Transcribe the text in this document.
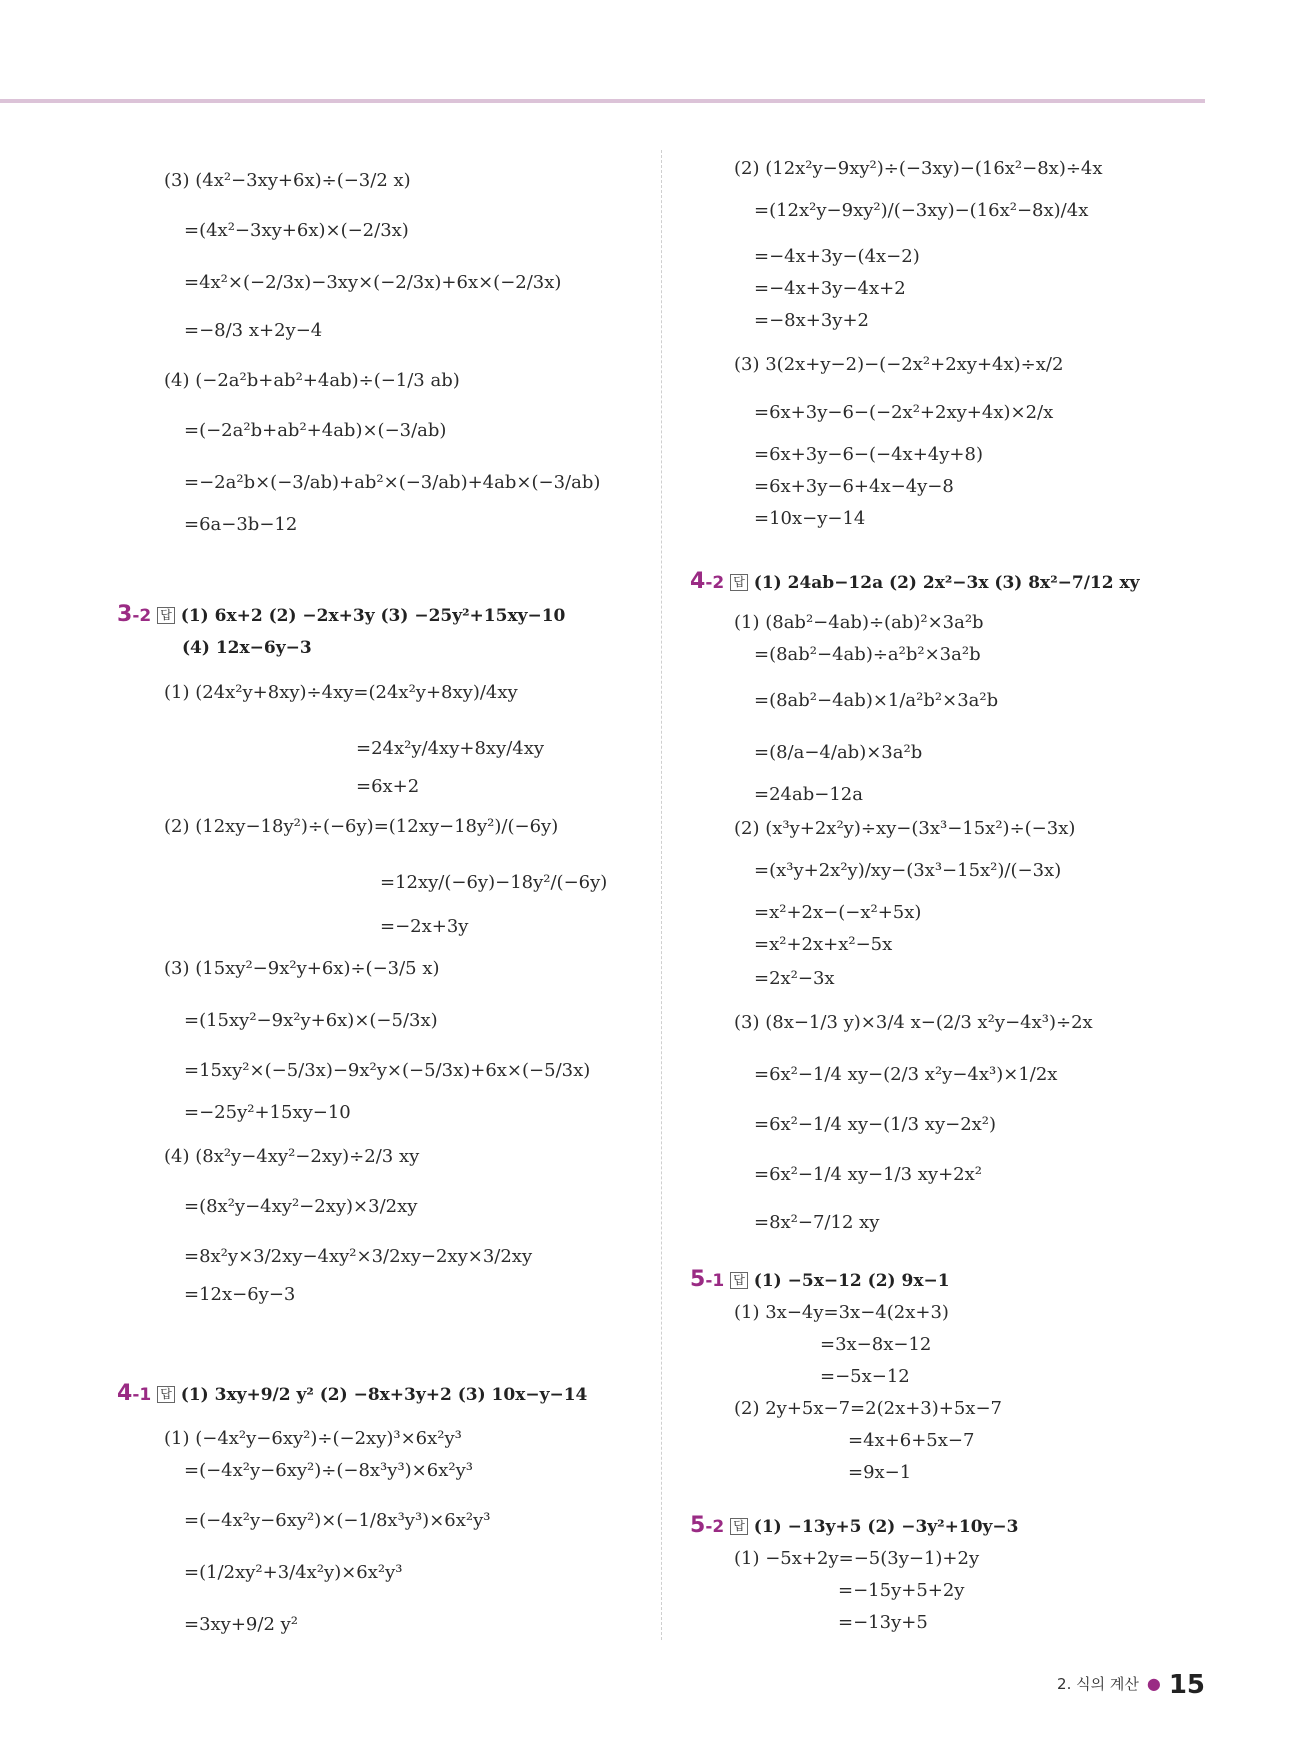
(3) (4x²−3xy+6x)÷(−3/2 x)
=(4x²−3xy+6x)×(−2/3x)
=4x²×(−2/3x)−3xy×(−2/3x)+6x×(−2/3x)
=−8/3 x+2y−4
(4) (−2a²b+ab²+4ab)÷(−1/3 ab)
=(−2a²b+ab²+4ab)×(−3/ab)
=−2a²b×(−3/ab)+ab²×(−3/ab)+4ab×(−3/ab)
=6a−3b−12
3-2 답 (1) 6x+2 (2) −2x+3y (3) −25y²+15xy−10
(4) 12x−6y−3
(1) (24x²y+8xy)÷4xy=(24x²y+8xy)/4xy
=24x²y/4xy+8xy/4xy
=6x+2
(2) (12xy−18y²)÷(−6y)=(12xy−18y²)/(−6y)
=12xy/(−6y)−18y²/(−6y)
=−2x+3y
(3) (15xy²−9x²y+6x)÷(−3/5 x)
=(15xy²−9x²y+6x)×(−5/3x)
=15xy²×(−5/3x)−9x²y×(−5/3x)+6x×(−5/3x)
=−25y²+15xy−10
(4) (8x²y−4xy²−2xy)÷2/3 xy
=(8x²y−4xy²−2xy)×3/2xy
=8x²y×3/2xy−4xy²×3/2xy−2xy×3/2xy
=12x−6y−3
4-1 답 (1) 3xy+9/2 y² (2) −8x+3y+2 (3) 10x−y−14
(1) (−4x²y−6xy²)÷(−2xy)³×6x²y³
=(−4x²y−6xy²)÷(−8x³y³)×6x²y³
=(−4x²y−6xy²)×(−1/8x³y³)×6x²y³
=(1/2xy²+3/4x²y)×6x²y³
=3xy+9/2 y²
(2) (12x²y−9xy²)÷(−3xy)−(16x²−8x)÷4x
=(12x²y−9xy²)/(−3xy)−(16x²−8x)/4x
=−4x+3y−(4x−2)
=−4x+3y−4x+2
=−8x+3y+2
(3) 3(2x+y−2)−(−2x²+2xy+4x)÷x/2
=6x+3y−6−(−2x²+2xy+4x)×2/x
=6x+3y−6−(−4x+4y+8)
=6x+3y−6+4x−4y−8
=10x−y−14
4-2 답 (1) 24ab−12a (2) 2x²−3x (3) 8x²−7/12 xy
(1) (8ab²−4ab)÷(ab)²×3a²b
=(8ab²−4ab)÷a²b²×3a²b
=(8ab²−4ab)×1/a²b²×3a²b
=(8/a−4/ab)×3a²b
=24ab−12a
(2) (x³y+2x²y)÷xy−(3x³−15x²)÷(−3x)
=(x³y+2x²y)/xy−(3x³−15x²)/(−3x)
=x²+2x−(−x²+5x)
=x²+2x+x²−5x
=2x²−3x
(3) (8x−1/3 y)×3/4 x−(2/3 x²y−4x³)÷2x
=6x²−1/4 xy−(2/3 x²y−4x³)×1/2x
=6x²−1/4 xy−(1/3 xy−2x²)
=6x²−1/4 xy−1/3 xy+2x²
=8x²−7/12 xy
5-1 답 (1) −5x−12 (2) 9x−1
(1) 3x−4y=3x−4(2x+3)
=3x−8x−12
=−5x−12
(2) 2y+5x−7=2(2x+3)+5x−7
=4x+6+5x−7
=9x−1
5-2 답 (1) −13y+5 (2) −3y²+10y−3
(1) −5x+2y=−5(3y−1)+2y
=−15y+5+2y
=−13y+5
2. 식의 계산 ● 15
